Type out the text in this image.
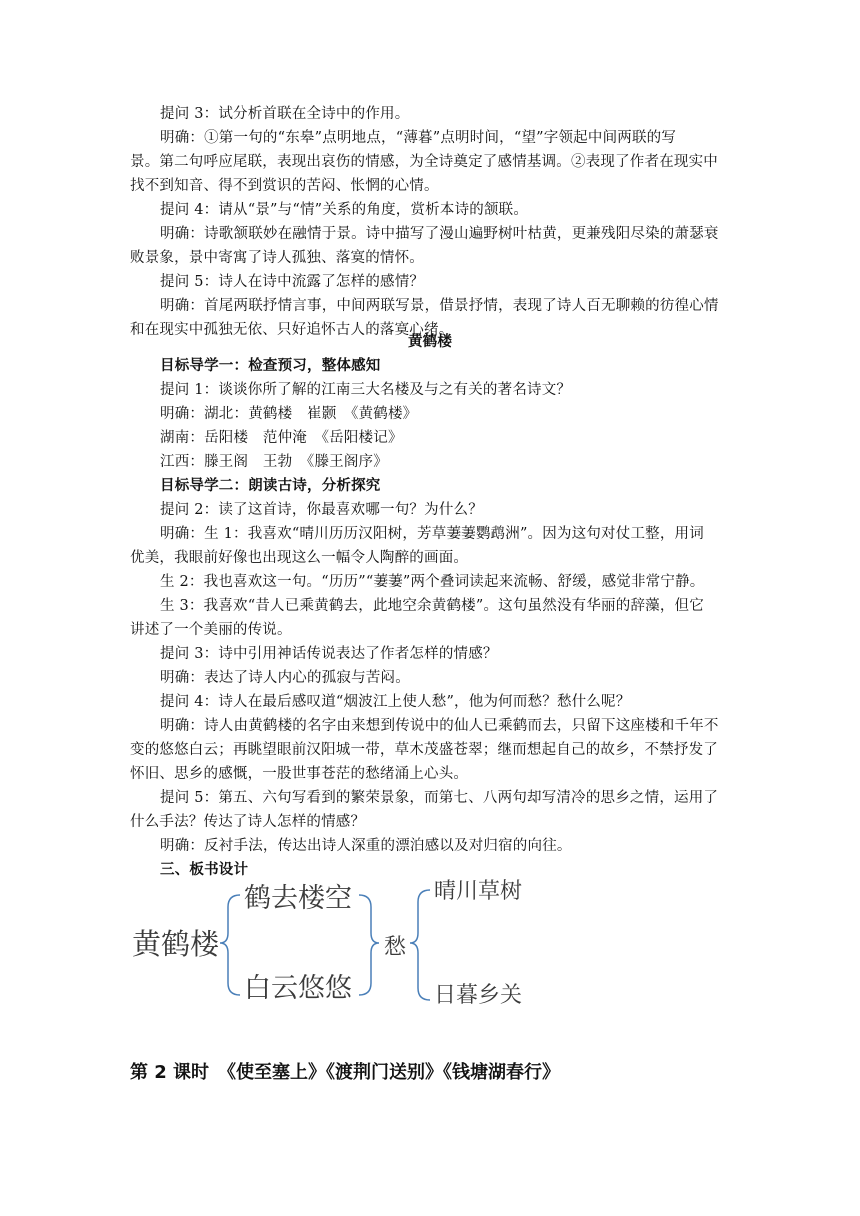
提问 3：试分析首联在全诗中的作用。
明确：①第一句的“东皋”点明地点，“薄暮”点明时间，“望”字领起中间两联的写
景。第二句呼应尾联，表现出哀伤的情感，为全诗奠定了感情基调。②表现了作者在现实中
找不到知音、得不到赏识的苦闷、怅惘的心情。
提问 4：请从“景”与“情”关系的角度，赏析本诗的颔联。
明确：诗歌颔联妙在融情于景。诗中描写了漫山遍野树叶枯黄，更兼残阳尽染的萧瑟衰
败景象，景中寄寓了诗人孤独、落寞的情怀。
提问 5：诗人在诗中流露了怎样的感情？
明确：首尾两联抒情言事，中间两联写景，借景抒情，表现了诗人百无聊赖的彷徨心情
和在现实中孤独无依、只好追怀古人的落寞心绪。
黄鹤楼
目标导学一：检查预习，整体感知
提问 1：谈谈你所了解的江南三大名楼及与之有关的著名诗文？
明确：湖北：黄鹤楼　崔颢　《黄鹤楼》
湖南：岳阳楼　范仲淹　《岳阳楼记》
江西：滕王阁　王勃　《滕王阁序》
目标导学二：朗读古诗，分析探究
提问 2：读了这首诗，你最喜欢哪一句？为什么？
明确：生 1：我喜欢“晴川历历汉阳树，芳草萋萋鹦鹉洲”。因为这句对仗工整，用词
优美，我眼前好像也出现这么一幅令人陶醉的画面。
生 2：我也喜欢这一句。“历历”“萋萋”两个叠词读起来流畅、舒缓，感觉非常宁静。
生 3：我喜欢“昔人已乘黄鹤去，此地空余黄鹤楼”。这句虽然没有华丽的辞藻，但它
讲述了一个美丽的传说。
提问 3：诗中引用神话传说表达了作者怎样的情感？
明确：表达了诗人内心的孤寂与苦闷。
提问 4：诗人在最后感叹道“烟波江上使人愁”，他为何而愁？愁什么呢？
明确：诗人由黄鹤楼的名字由来想到传说中的仙人已乘鹤而去，只留下这座楼和千年不
变的悠悠白云；再眺望眼前汉阳城一带，草木茂盛苍翠；继而想起自己的故乡，不禁抒发了
怀旧、思乡的感慨，一股世事苍茫的愁绪涌上心头。
提问 5：第五、六句写看到的繁荣景象，而第七、八两句却写清冷的思乡之情，运用了
什么手法？传达了诗人怎样的情感？
明确：反衬手法，传达出诗人深重的漂泊感以及对归宿的向往。
三、板书设计
黄鹤楼
鹤去楼空
白云悠悠
愁
晴川草树
日暮乡关
第 2 课时　《使至塞上》《渡荆门送别》《钱塘湖春行》
